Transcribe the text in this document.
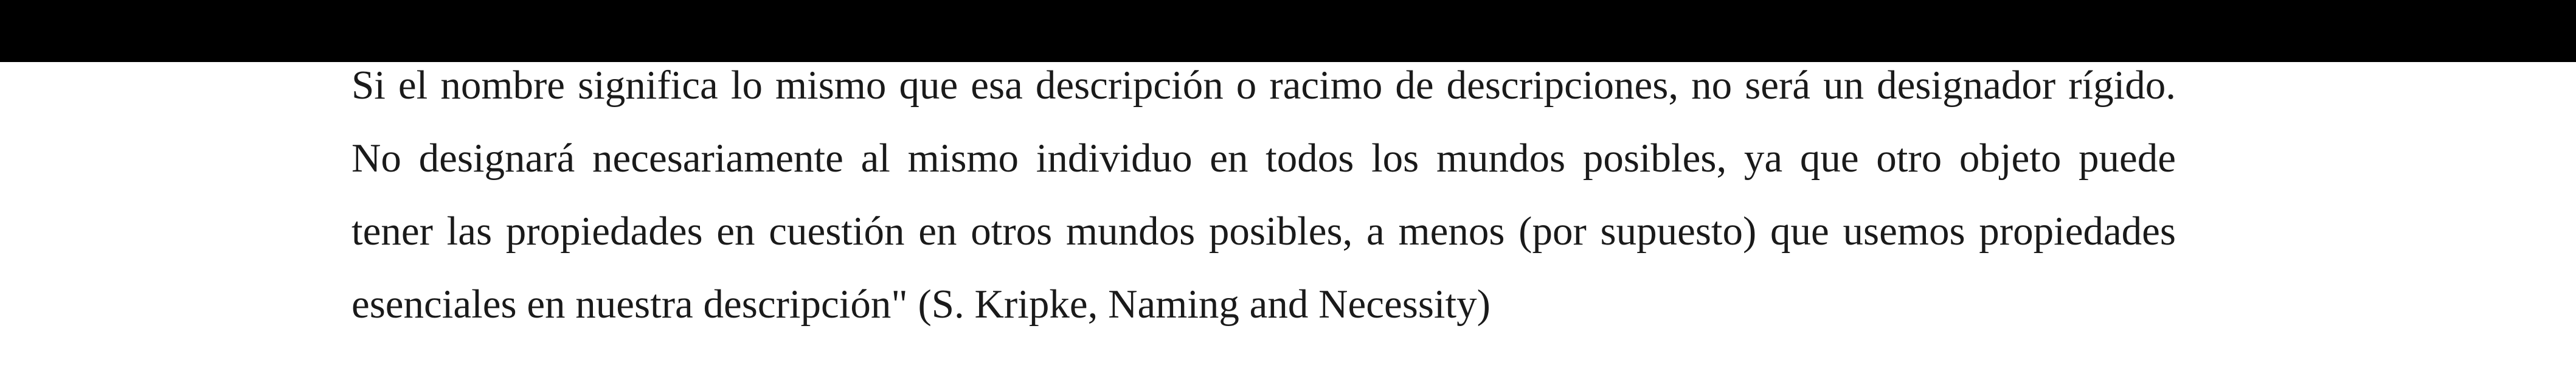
Si el nombre significa lo mismo que esa descripción o racimo de descripciones, no será un designador rígido.
No designará necesariamente al mismo individuo en todos los mundos posibles, ya que otro objeto puede
tener las propiedades en cuestión en otros mundos posibles, a menos (por supuesto) que usemos propiedades
esenciales en nuestra descripción" (S. Kripke, Naming and Necessity)
